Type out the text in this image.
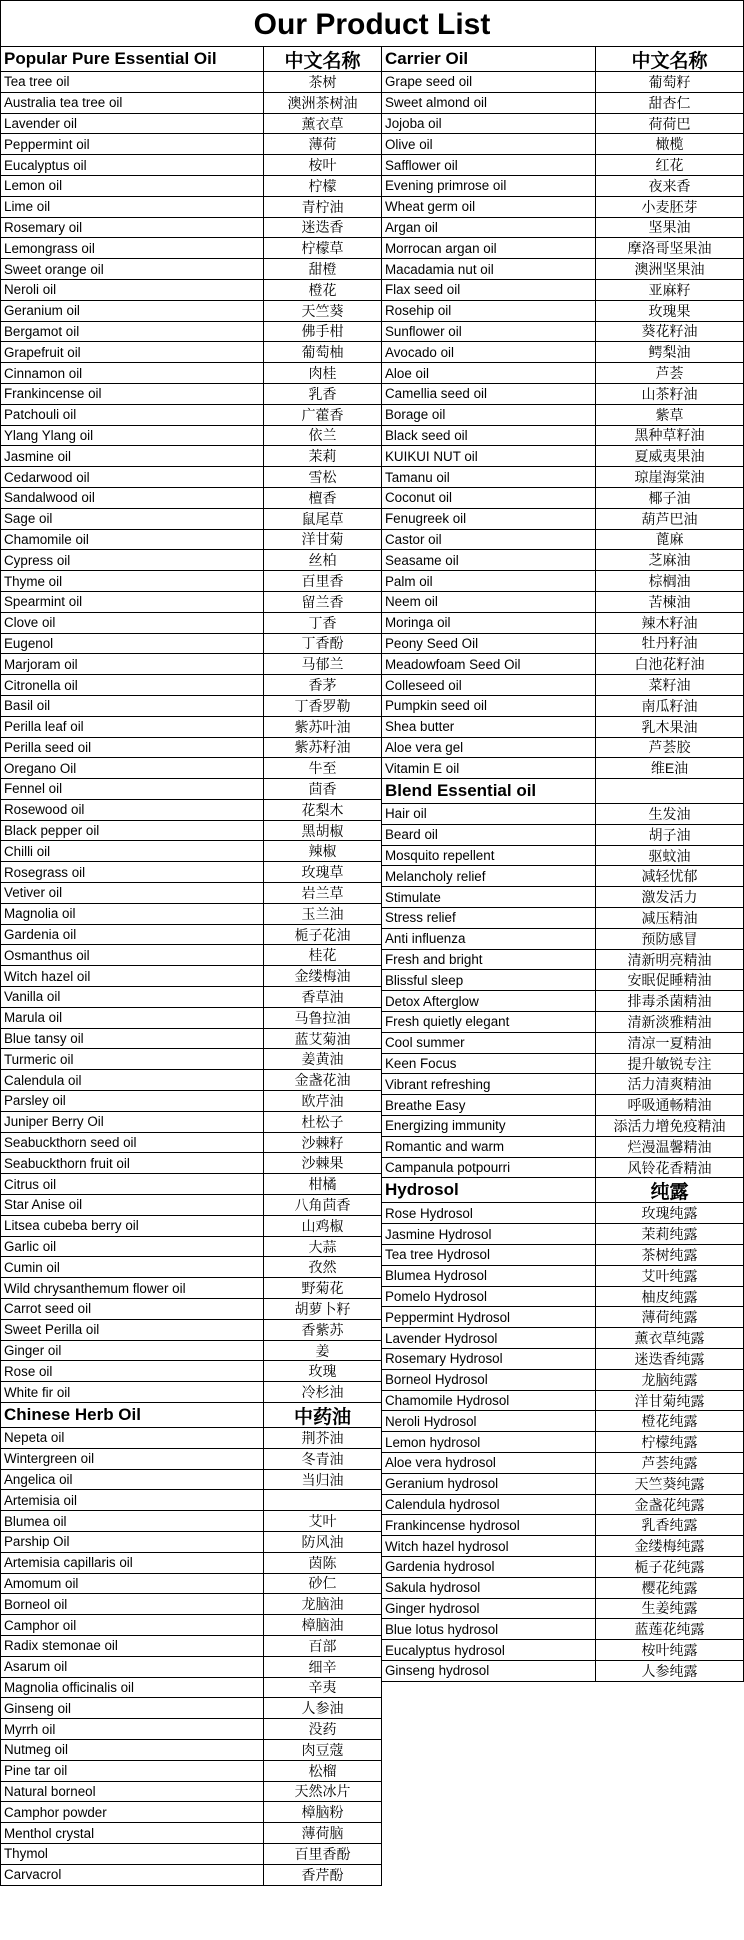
Our Product List
Popular Pure Essential Oil	中文名称
Tea tree oil	茶树
Australia tea tree oil	澳洲茶树油
Lavender oil	薰衣草
Peppermint oil	薄荷
Eucalyptus oil	桉叶
Lemon oil	柠檬
Lime oil	青柠油
Rosemary oil	迷迭香
Lemongrass oil	柠檬草
Sweet orange oil	甜橙
Neroli oil	橙花
Geranium oil	天竺葵
Bergamot oil	佛手柑
Grapefruit oil	葡萄柚
Cinnamon oil	肉桂
Frankincense oil	乳香
Patchouli oil	广藿香
Ylang Ylang oil	依兰
Jasmine oil	茉莉
Cedarwood oil	雪松
Sandalwood oil	檀香
Sage oil	鼠尾草
Chamomile oil	洋甘菊
Cypress oil	丝柏
Thyme oil	百里香
Spearmint oil	留兰香
Clove oil	丁香
Eugenol	丁香酚
Marjoram oil	马郁兰
Citronella oil	香茅
Basil oil	丁香罗勒
Perilla leaf oil	紫苏叶油
Perilla seed oil	紫苏籽油
Oregano Oil	牛至
Fennel oil	茴香
Rosewood oil	花梨木
Black pepper oil	黑胡椒
Chilli oil	辣椒
Rosegrass oil	玫瑰草
Vetiver oil	岩兰草
Magnolia oil	玉兰油
Gardenia oil	栀子花油
Osmanthus oil	桂花
Witch hazel oil	金缕梅油
Vanilla oil	香草油
Marula oil	马鲁拉油
Blue tansy oil	蓝艾菊油
Turmeric oil	姜黄油
Calendula oil	金盏花油
Parsley oil	欧芹油
Juniper Berry Oil	杜松子
Seabuckthorn seed oil	沙棘籽
Seabuckthorn fruit oil	沙棘果
Citrus oil	柑橘
Star Anise oil	八角茴香
Litsea cubeba berry oil	山鸡椒
Garlic oil	大蒜
Cumin oil	孜然
Wild chrysanthemum flower oil	野菊花
Carrot seed oil	胡萝卜籽
Sweet Perilla oil	香紫苏
Ginger oil	姜
Rose oil	玫瑰
White fir oil	冷杉油
Chinese Herb Oil	中药油
Nepeta oil	荆芥油
Wintergreen oil	冬青油
Angelica oil	当归油
Artemisia oil
Blumea oil	艾叶
Parship Oil	防风油
Artemisia capillaris oil	茵陈
Amomum oil	砂仁
Borneol oil	龙脑油
Camphor oil	樟脑油
Radix stemonae oil	百部
Asarum oil	细辛
Magnolia officinalis oil	辛夷
Ginseng oil	人参油
Myrrh oil	没药
Nutmeg oil	肉豆蔻
Pine tar oil	松榴
Natural borneol	天然冰片
Camphor powder	樟脑粉
Menthol crystal	薄荷脑
Thymol	百里香酚
Carvacrol	香芹酚
Carrier Oil	中文名称
Grape seed oil	葡萄籽
Sweet almond oil	甜杏仁
Jojoba oil	荷荷巴
Olive oil	橄榄
Safflower oil	红花
Evening primrose oil	夜来香
Wheat germ oil	小麦胚芽
Argan oil	坚果油
Morrocan argan oil	摩洛哥坚果油
Macadamia nut oil	澳洲坚果油
Flax seed oil	亚麻籽
Rosehip oil	玫瑰果
Sunflower oil	葵花籽油
Avocado oil	鳄梨油
Aloe oil	芦荟
Camellia seed oil	山茶籽油
Borage oil	紫草
Black seed oil	黑种草籽油
KUIKUI NUT oil	夏威夷果油
Tamanu oil	琼崖海棠油
Coconut oil	椰子油
Fenugreek oil	葫芦巴油
Castor oil	蓖麻
Seasame oil	芝麻油
Palm oil	棕榈油
Neem oil	苦楝油
Moringa oil	辣木籽油
Peony Seed Oil	牡丹籽油
Meadowfoam Seed Oil	白池花籽油
Colleseed oil	菜籽油
Pumpkin seed oil	南瓜籽油
Shea butter	乳木果油
Aloe vera gel	芦荟胶
Vitamin E oil	维E油
Blend Essential oil
Hair oil	生发油
Beard oil	胡子油
Mosquito repellent	驱蚊油
Melancholy relief	减轻忧郁
Stimulate	激发活力
Stress relief	减压精油
Anti influenza	预防感冒
Fresh and bright	清新明亮精油
Blissful sleep	安眠促睡精油
Detox Afterglow	排毒杀菌精油
Fresh quietly elegant	清新淡雅精油
Cool summer	清凉一夏精油
Keen Focus	提升敏锐专注
Vibrant refreshing	活力清爽精油
Breathe Easy	呼吸通畅精油
Energizing immunity	添活力增免疫精油
Romantic and warm	烂漫温馨精油
Campanula potpourri	风铃花香精油
Hydrosol	纯露
Rose Hydrosol	玫瑰纯露
Jasmine Hydrosol	茉莉纯露
Tea tree Hydrosol	茶树纯露
Blumea Hydrosol	艾叶纯露
Pomelo Hydrosol	柚皮纯露
Peppermint Hydrosol	薄荷纯露
Lavender Hydrosol	薰衣草纯露
Rosemary Hydrosol	迷迭香纯露
Borneol Hydrosol	龙脑纯露
Chamomile Hydrosol	洋甘菊纯露
Neroli Hydrosol	橙花纯露
Lemon hydrosol	柠檬纯露
Aloe vera hydrosol	芦荟纯露
Geranium hydrosol	天竺葵纯露
Calendula hydrosol	金盏花纯露
Frankincense hydrosol	乳香纯露
Witch hazel hydrosol	金缕梅纯露
Gardenia hydrosol	栀子花纯露
Sakula hydrosol	樱花纯露
Ginger hydrosol	生姜纯露
Blue lotus hydrosol	蓝莲花纯露
Eucalyptus hydrosol	桉叶纯露
Ginseng hydrosol	人参纯露
